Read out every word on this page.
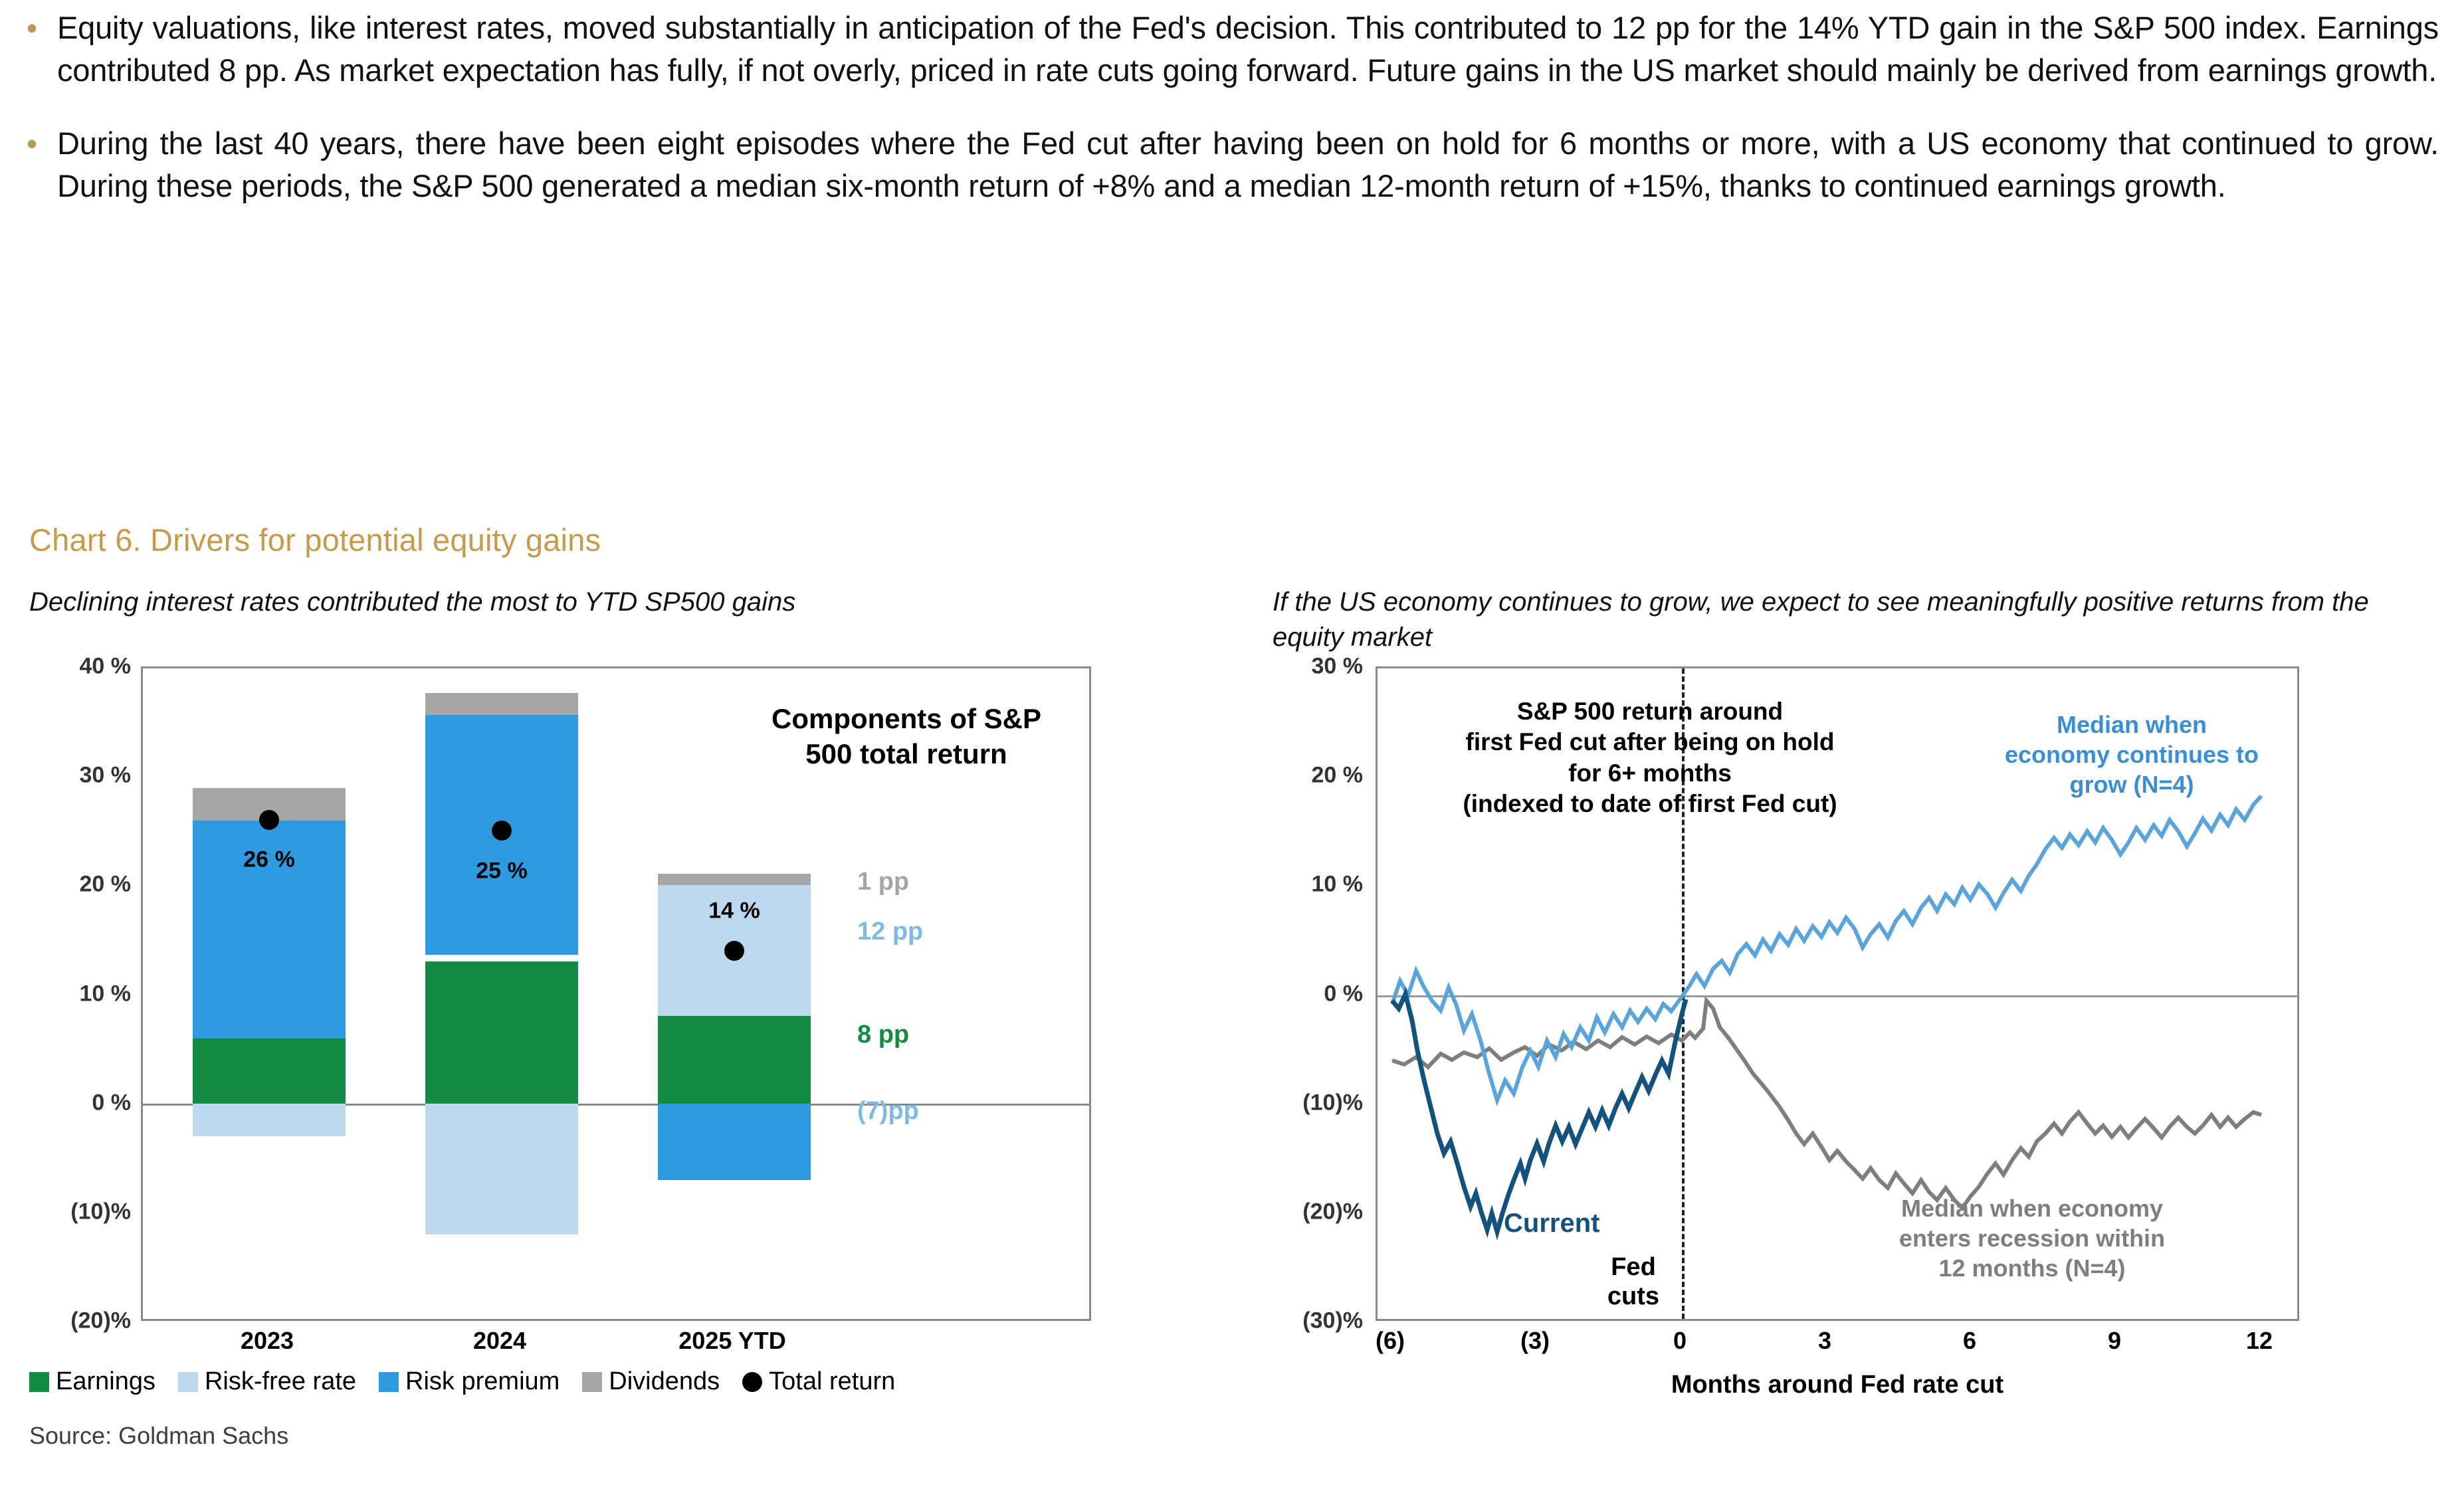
• Equity valuations, like interest rates, moved substantially in anticipation of the Fed's decision. This contributed to 12 pp for the 14% YTD gain in the S&P 500 index. Earnings contributed 8 pp. As market expectation has fully, if not overly, priced in rate cuts going forward. Future gains in the US market should mainly be derived from earnings growth.
• During the last 40 years, there have been eight episodes where the Fed cut after having been on hold for 6 months or more, with a US economy that continued to grow. During these periods, the S&P 500 generated a median six-month return of +8% and a median 12-month return of +15%, thanks to continued earnings growth.
Chart 6. Drivers for potential equity gains
Declining interest rates contributed the most to YTD SP500 gains	If the US economy continues to grow, we expect to see meaningfully positive returns from the equity market
Source: Goldman Sachs
40 %
30 %
20 %
10 %
0 %
(10)%
(20)%
26 %	25 %
14 %
Components of S&P 500 total return
1 pp
12 pp
8 pp
(7)pp
2023	2024	2025 YTD
Earnings Risk-free rate Risk premium Dividends Total return
30 %
20 %
10 %
0 %
(10)%
(20)%
(30)%
S&P 500 return around
first Fed cut after being on hold
for 6+ months
(indexed to date of first Fed cut)
Median when economy continues to grow (N=4)
Median when economy enters recession within 12 months (N=4)
Current
Fed cuts
(6)	(3)	0	3	6	9	12
Months around Fed rate cut
